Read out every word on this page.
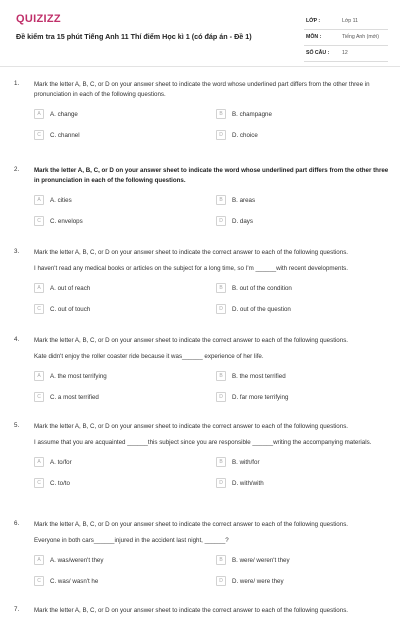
QUIZIZZ
Đề kiểm tra 15 phút Tiếng Anh 11 Thí điểm Học kì 1 (có đáp án - Đề 1)
LỚP :	Lớp 11
MÔN :	Tiếng Anh (mới)
SỐ CÂU : 12
1. Mark the letter A, B, C, or D on your answer sheet to indicate the word whose underlined part differs from the other three in pronunciation in each of the following questions.
A	A. change	B	B. champagne
C	C. channel	D	D. choice
2. Mark the letter A, B, C, or D on your answer sheet to indicate the word whose underlined part differs from the other three in pronunciation in each of the following questions.
A	A. cities	B	B. areas
C	C. envelops	D	D. days
3. Mark the letter A, B, C, or D on your answer sheet to indicate the correct answer to each of the following questions.
I haven't read any medical books or articles on the subject for a long time, so I'm ______with recent developments.
A	A. out of reach	B	B. out of the condition
C	C. out of touch	D	D. out of the question
4. Mark the letter A, B, C, or D on your answer sheet to indicate the correct answer to each of the following questions.
Kate didn't enjoy the roller coaster ride because it was______ experience of her life.
A	A. the most terrifying	B	B. the most terrified
C	C. a most terrified	D	D. far more terrifying
5. Mark the letter A, B, C, or D on your answer sheet to indicate the correct answer to each of the following questions.
I assume that you are acquainted ______this subject since you are responsible ______writing the accompanying materials.
A	A. to/for	B	B. with/for
C	C. to/to	D	D. with/with
6. Mark the letter A, B, C, or D on your answer sheet to indicate the correct answer to each of the following questions.
Everyone in both cars______injured in the accident last night, ______?
A	A. was/weren't they	B	B. were/ weren't they
C	C. was/ wasn't he	D	D. were/ were they
7. Mark the letter A, B, C, or D on your answer sheet to indicate the correct answer to each of the following questions.
